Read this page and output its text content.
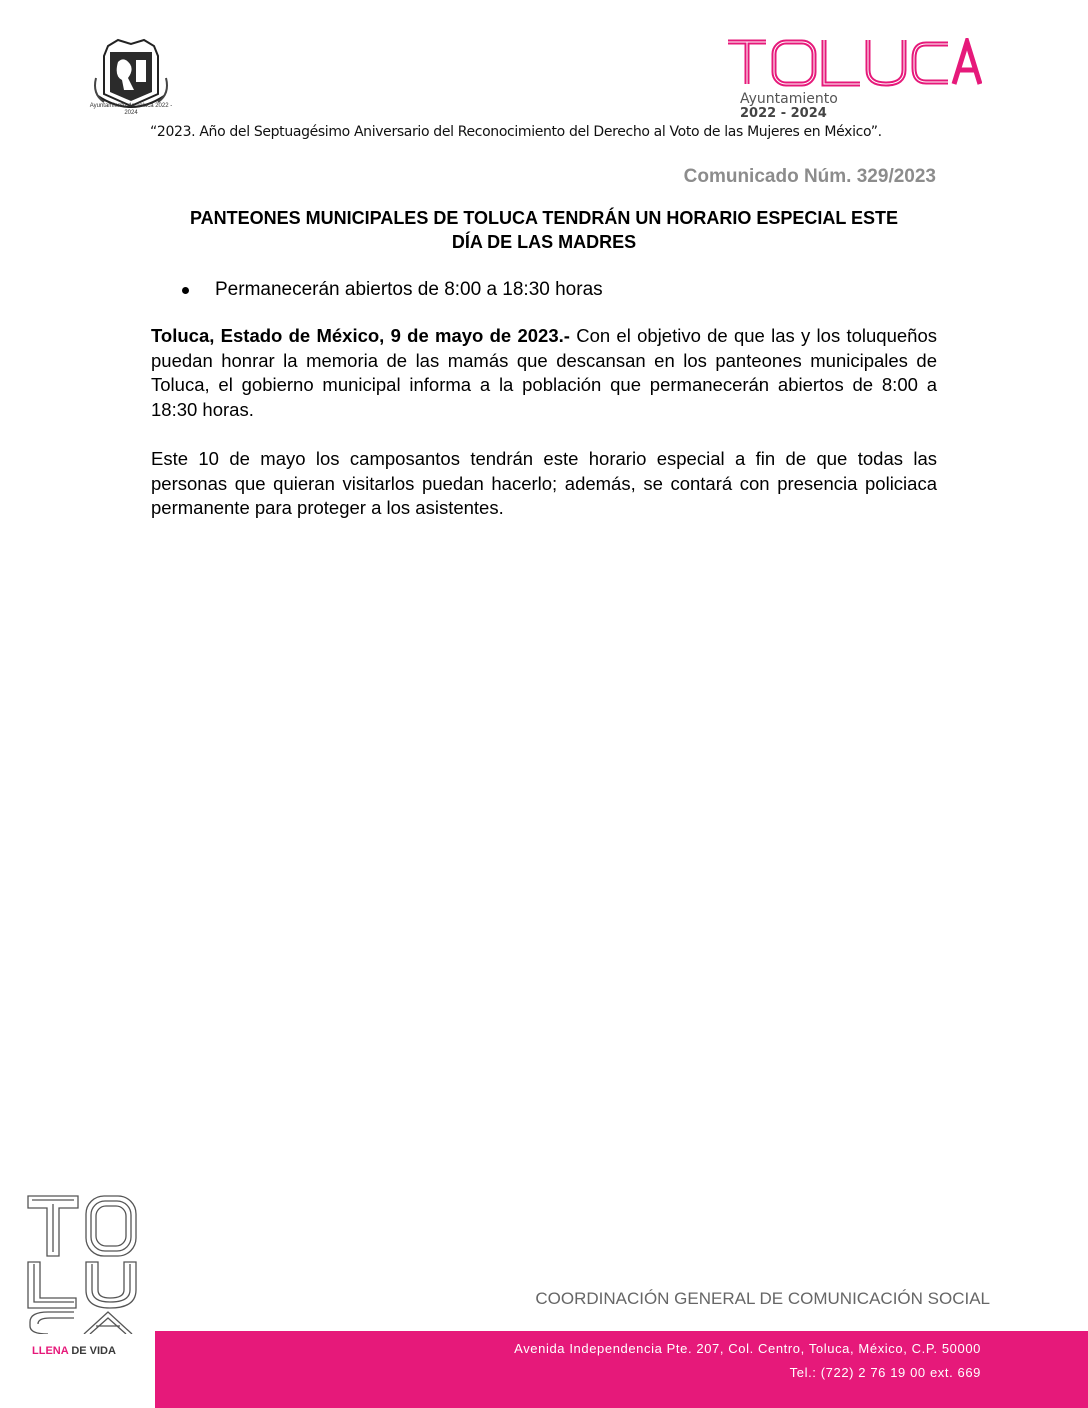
Ayuntamiento de Toluca 2022 - 2024
Ayuntamiento
2022 - 2024
“2023. Año del Septuagésimo Aniversario del Reconocimiento del Derecho al Voto de las Mujeres en México”.
Comunicado Núm. 329/2023
PANTEONES MUNICIPALES DE TOLUCA TENDRÁN UN HORARIO ESPECIAL ESTE
DÍA DE LAS MADRES
Permanecerán abiertos de 8:00 a 18:30 horas

Toluca, Estado de México, 9 de mayo de 2023.- Con el objetivo de que las y los toluqueños puedan honrar la memoria de las mamás que descansan en los panteones municipales de Toluca, el gobierno municipal informa a la población que permanecerán abiertos de 8:00 a 18:30 horas.

Este 10 de mayo los camposantos tendrán este horario especial a fin de que todas las personas que quieran visitarlos puedan hacerlo; además, se contará con presencia policiaca permanente para proteger a los asistentes.

LLENA DE VIDA
COORDINACIÓN GENERAL DE COMUNICACIÓN SOCIAL
Avenida Independencia Pte. 207, Col. Centro, Toluca, México, C.P. 50000
Tel.: (722) 2 76 19 00 ext. 669
